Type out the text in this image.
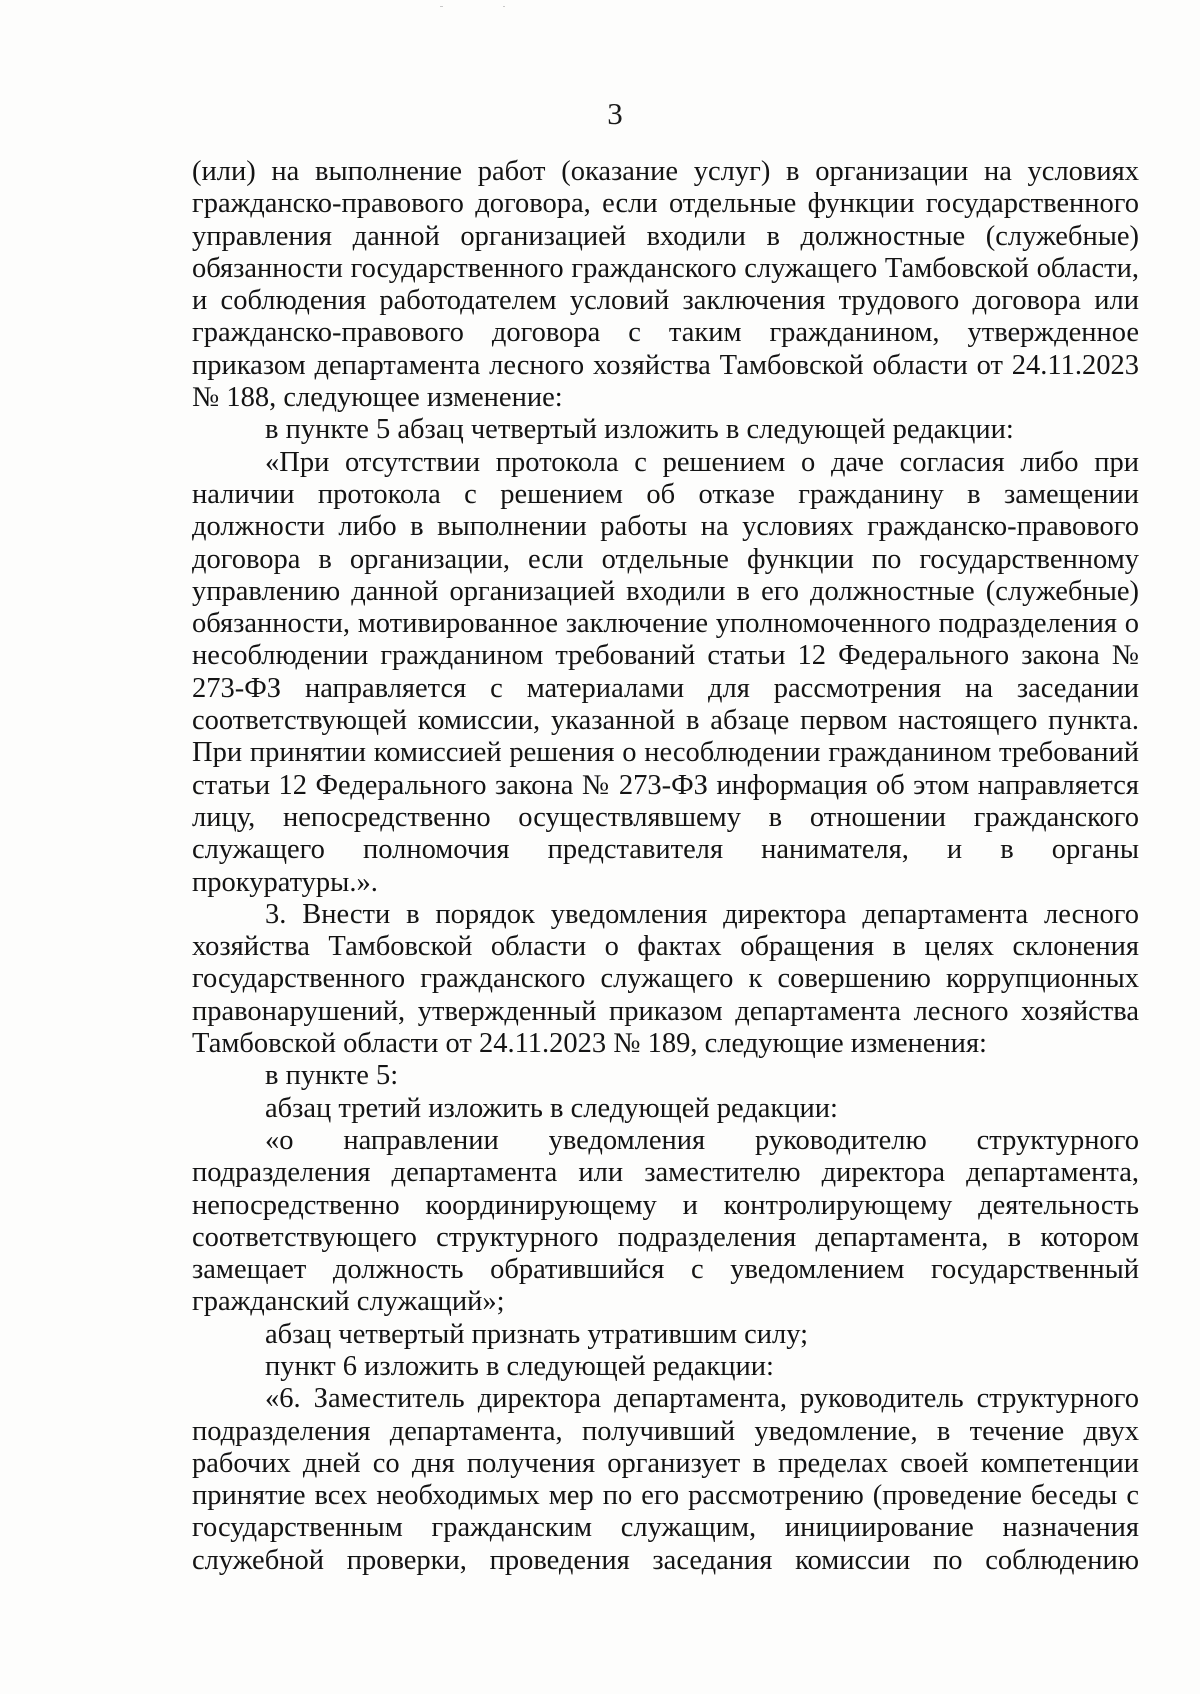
3

(или) на выполнение работ (оказание услуг) в организации на условиях гражданско-правового договора, если отдельные функции государственного управления данной организацией входили в должностные (служебные) обязанности государственного гражданского служащего Тамбовской области, и соблюдения работодателем условий заключения трудового договора или гражданско-правового договора с таким гражданином, утвержденное приказом департамента лесного хозяйства Тамбовской области от 24.11.2023 № 188, следующее изменение:

в пункте 5 абзац четвертый изложить в следующей редакции:

«При отсутствии протокола с решением о даче согласия либо при наличии протокола с решением об отказе гражданину в замещении должности либо в выполнении работы на условиях гражданско-правового договора в организации, если отдельные функции по государственному управлению данной организацией входили в его должностные (служебные) обязанности, мотивированное заключение уполномоченного подразделения о несоблюдении гражданином требований статьи 12 Федерального закона № 273-ФЗ направляется с материалами для рассмотрения на заседании соответствующей комиссии, указанной в абзаце первом настоящего пункта. При принятии комиссией решения о несоблюдении гражданином требований статьи 12 Федерального закона № 273-ФЗ информация об этом направляется лицу, непосредственно осуществлявшему в отношении гражданского служащего полномочия представителя нанимателя, и в органы прокуратуры.».

3. Внести в порядок уведомления директора департамента лесного хозяйства Тамбовской области о фактах обращения в целях склонения государственного гражданского служащего к совершению коррупционных правонарушений, утвержденный приказом департамента лесного хозяйства Тамбовской области от 24.11.2023 № 189, следующие изменения:

в пункте 5:

абзац третий изложить в следующей редакции:

«о направлении уведомления руководителю структурного подразделения департамента или заместителю директора департамента, непосредственно координирующему и контролирующему деятельность соответствующего структурного подразделения департамента, в котором замещает должность обратившийся с уведомлением государственный гражданский служащий»;

абзац четвертый признать утратившим силу;

пункт 6 изложить в следующей редакции:

«6. Заместитель директора департамента, руководитель структурного подразделения департамента, получивший уведомление, в течение двух рабочих дней со дня получения организует в пределах своей компетенции принятие всех необходимых мер по его рассмотрению (проведение беседы с государственным гражданским служащим, инициирование назначения служебной проверки, проведения заседания комиссии по соблюдению
